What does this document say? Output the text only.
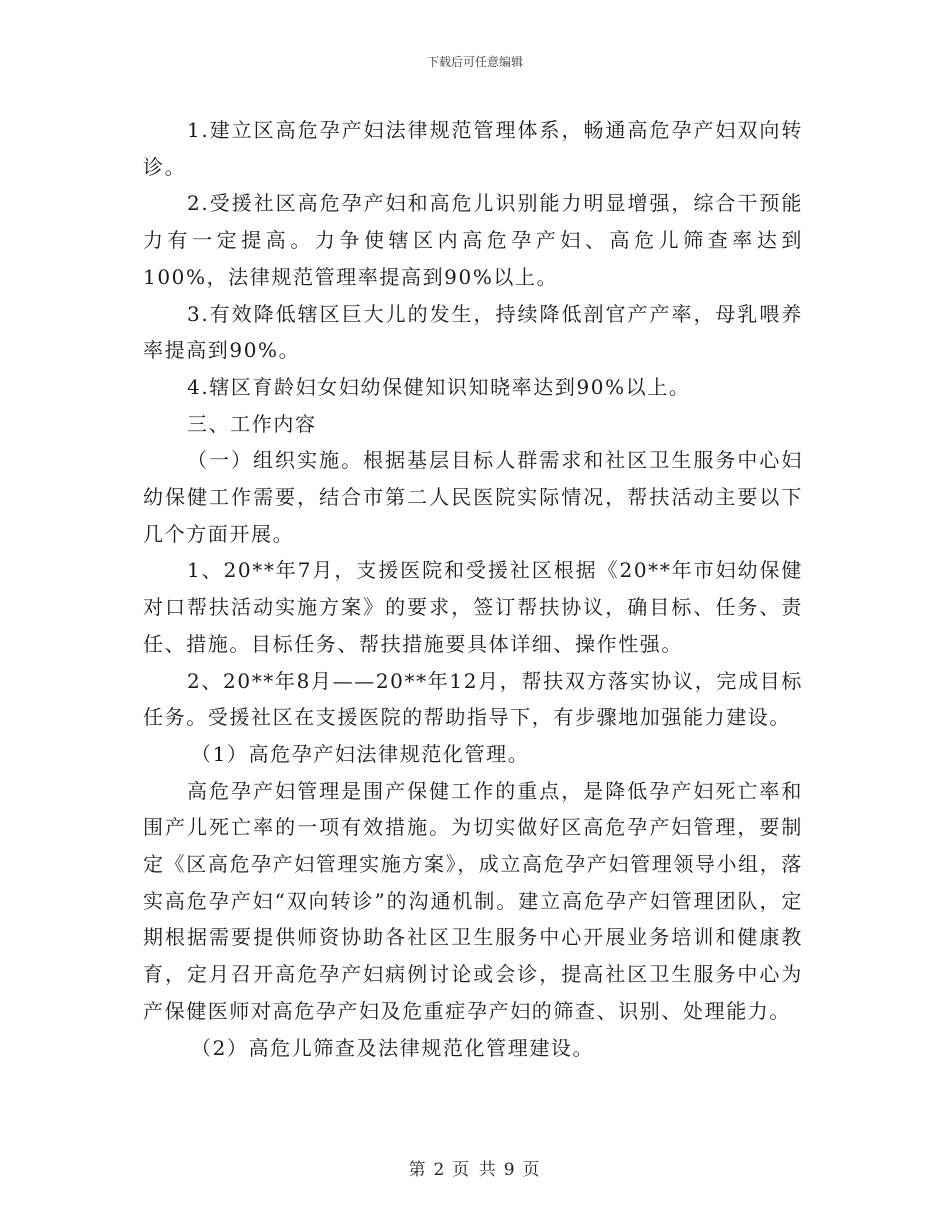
下载后可任意编辑

1.建立区高危孕产妇法律规范管理体系，畅通高危孕产妇双向转诊。

2.受援社区高危孕产妇和高危儿识别能力明显增强，综合干预能力有一定提高。力争使辖区内高危孕产妇、高危儿筛查率达到100%，法律规范管理率提高到90%以上。

3.有效降低辖区巨大儿的发生，持续降低剖官产产率，母乳喂养率提高到90%。

4.辖区育龄妇女妇幼保健知识知晓率达到90%以上。

三、工作内容

（一）组织实施。根据基层目标人群需求和社区卫生服务中心妇幼保健工作需要，结合市第二人民医院实际情况，帮扶活动主要以下几个方面开展。

1、20**年7月，支援医院和受援社区根据《20**年市妇幼保健对口帮扶活动实施方案》的要求，签订帮扶协议，确目标、任务、责任、措施。目标任务、帮扶措施要具体详细、操作性强。

2、20**年8月——20**年12月，帮扶双方落实协议，完成目标任务。受援社区在支援医院的帮助指导下，有步骤地加强能力建设。

（1）高危孕产妇法律规范化管理。

高危孕产妇管理是围产保健工作的重点，是降低孕产妇死亡率和围产儿死亡率的一项有效措施。为切实做好区高危孕产妇管理，要制定《区高危孕产妇管理实施方案》，成立高危孕产妇管理领导小组，落实高危孕产妇“双向转诊”的沟通机制。建立高危孕产妇管理团队，定期根据需要提供师资协助各社区卫生服务中心开展业务培训和健康教育，定月召开高危孕产妇病例讨论或会诊，提高社区卫生服务中心为产保健医师对高危孕产妇及危重症孕产妇的筛查、识别、处理能力。

（2）高危儿筛查及法律规范化管理建设。

第 2 页 共 9 页
